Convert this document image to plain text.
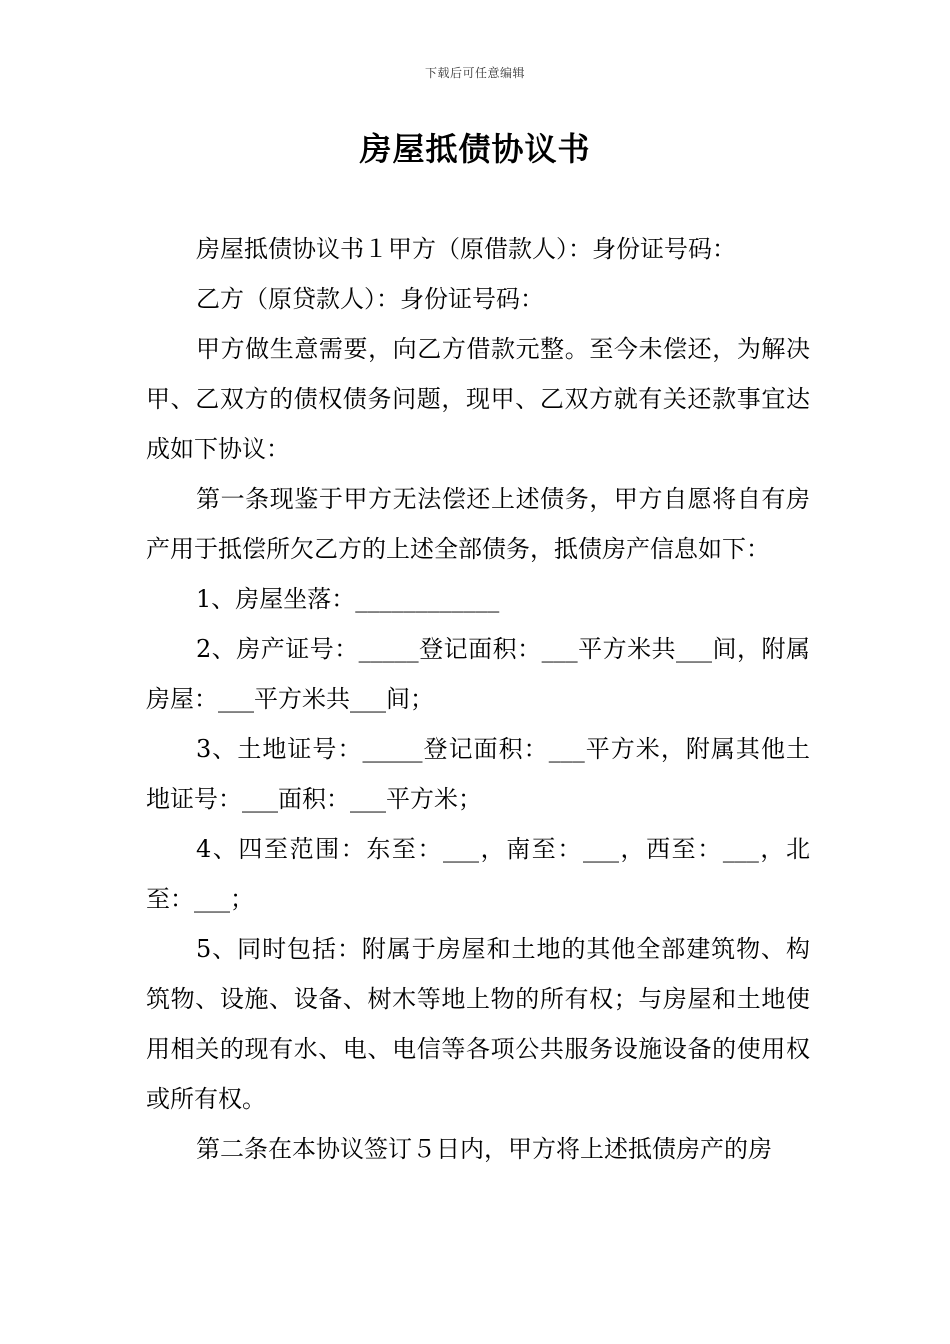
下载后可任意编辑
房屋抵债协议书

房屋抵债协议书１甲方（原借款人）：身份证号码：

乙方（原贷款人）：身份证号码：

甲方做生意需要，向乙方借款元整。至今未偿还，为解决甲、乙双方的债权债务问题，现甲、乙双方就有关还款事宜达成如下协议：

第一条现鉴于甲方无法偿还上述债务，甲方自愿将自有房产用于抵偿所欠乙方的上述全部债务，抵债房产信息如下：

1、房屋坐落：____________

2、房产证号：_____登记面积：___平方米共___间，附属房屋：___平方米共___间；

3、土地证号：_____登记面积：___平方米，附属其他土地证号：___面积：___平方米；

4、四至范围：东至：___，南至：___，西至：___，北至：___；

5、同时包括：附属于房屋和土地的其他全部建筑物、构筑物、设施、设备、树木等地上物的所有权；与房屋和土地使用相关的现有水、电、电信等各项公共服务设施设备的使用权或所有权。

第二条在本协议签订５日内，甲方将上述抵债房产的房
